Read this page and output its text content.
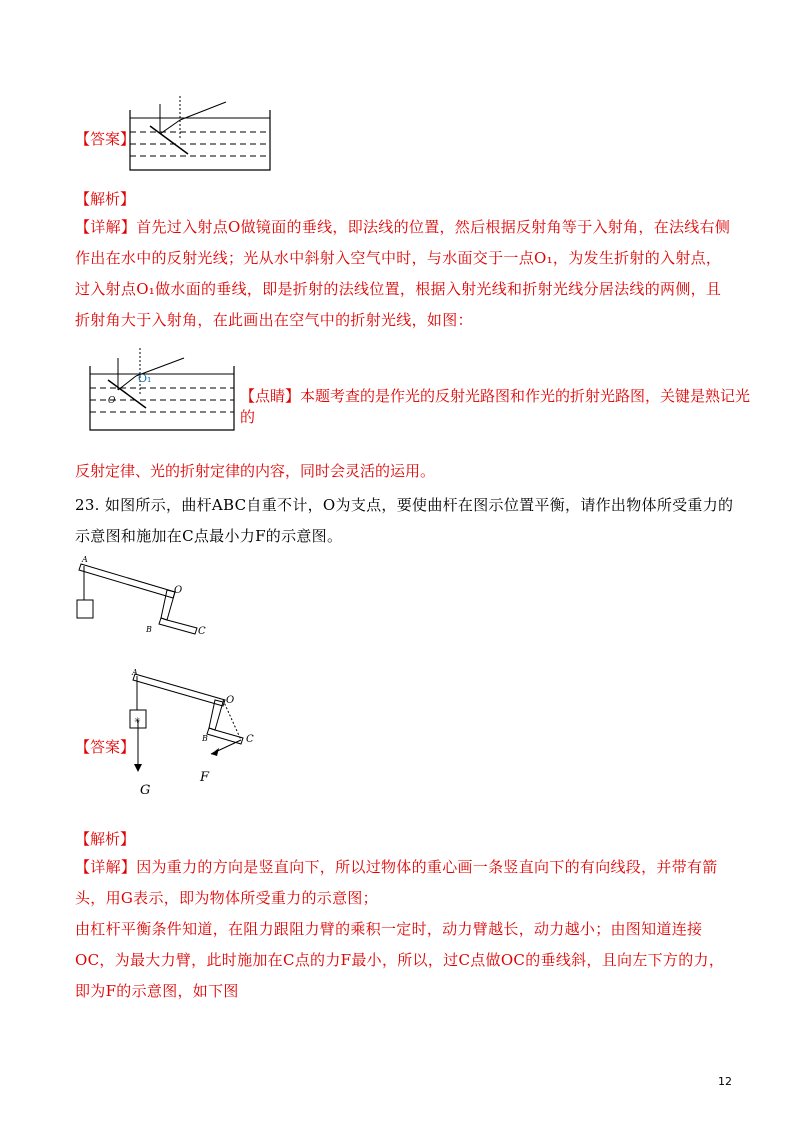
【答案】
【解析】
【详解】首先过入射点O做镜面的垂线，即法线的位置，然后根据反射角等于入射角，在法线右侧作出在水中的反射光线；光从水中斜射入空气中时，与水面交于一点O₁，为发生折射的入射点，过入射点O₁做水面的垂线，即是折射的法线位置，根据入射光线和折射光线分居法线的两侧，且折射角大于入射角，在此画出在空气中的折射光线，如图：
O₁
O	【点睛】本题考查的是作光的反射光路图和作光的折射光路图，关键是熟记光的
反射定律、光的折射定律的内容，同时会灵活的运用。
23. 如图所示，曲杆ABC自重不计，O为支点，要使曲杆在图示位置平衡，请作出物体所受重力的示意图和施加在C点最小力F的示意图。
A
O
B	C
【答案】
✳
A
O
B	C
G
F
【解析】
【详解】因为重力的方向是竖直向下，所以过物体的重心画一条竖直向下的有向线段，并带有箭头，用G表示，即为物体所受重力的示意图；
由杠杆平衡条件知道，在阻力跟阻力臂的乘积一定时，动力臂越长，动力越小；由图知道连接OC，为最大力臂，此时施加在C点的力F最小，所以，过C点做OC的垂线斜，且向左下方的力，即为F的示意图，如下图
12
